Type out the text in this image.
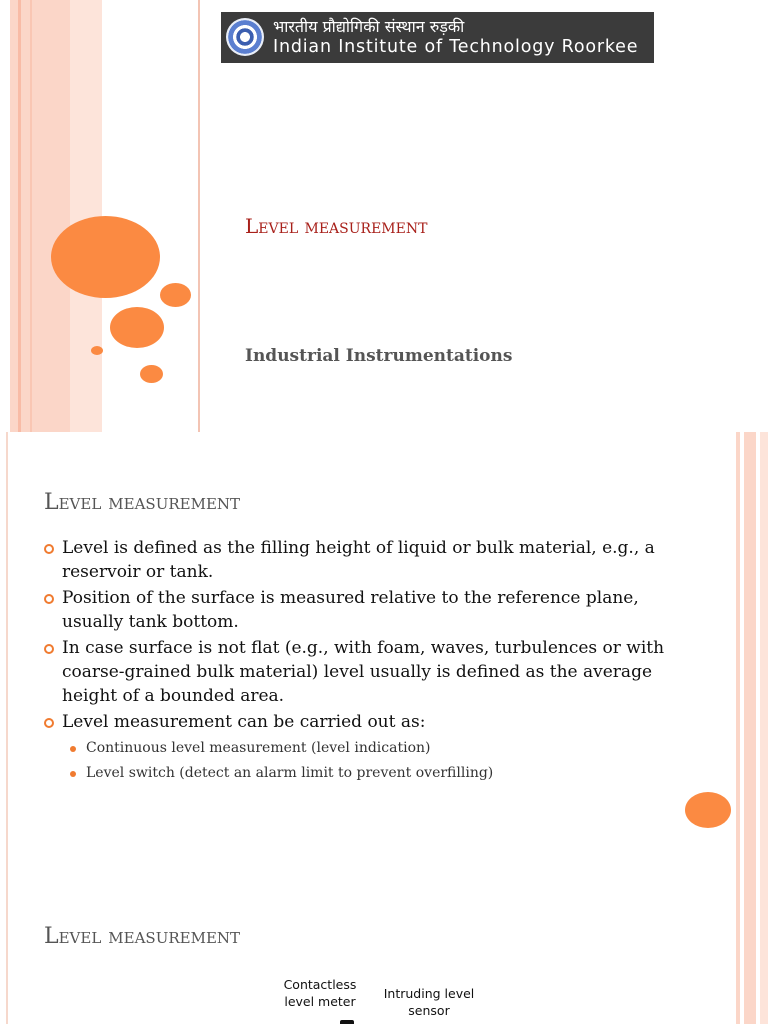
भारतीय प्रौद्योगिकी संस्थान रुड़की
Indian Institute of Technology Roorkee
Level measurement
Industrial Instrumentations
Level measurement
Level is defined as the filling height of liquid or bulk material, e.g., a reservoir or tank.
Position of the surface is measured relative to the reference plane, usually tank bottom.
In case surface is not flat (e.g., with foam, waves, turbulences or with coarse-grained bulk material) level usually is defined as the average height of a bounded area.
Level measurement can be carried out as:
Continuous level measurement (level indication)
Level switch (detect an alarm limit to prevent overfilling)
Level measurement
Contactless level meter
Intruding level sensor
